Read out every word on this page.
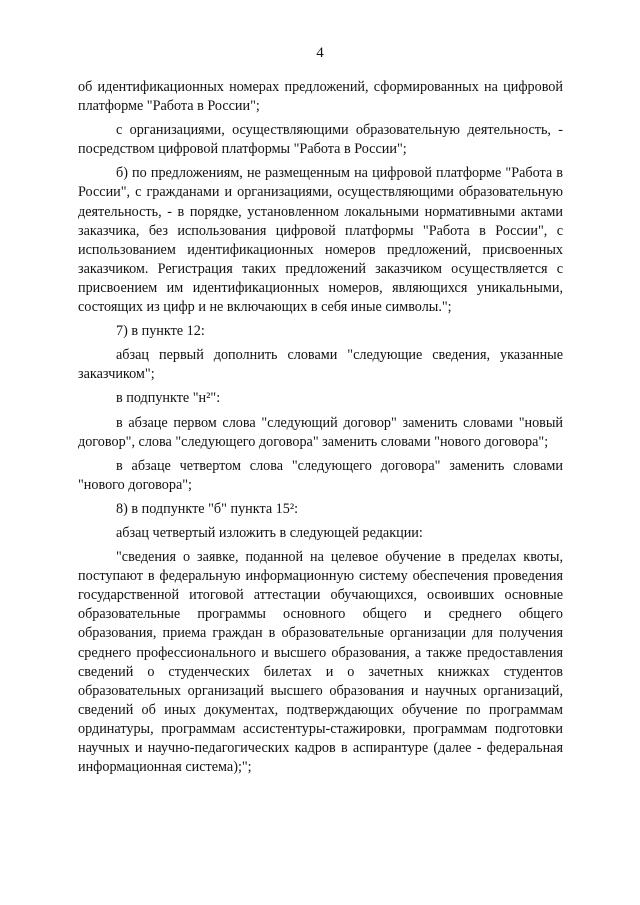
4

об идентификационных номерах предложений, сформированных на цифровой платформе "Работа в России";

с организациями, осуществляющими образовательную деятельность, - посредством цифровой платформы "Работа в России";

б) по предложениям, не размещенным на цифровой платформе "Работа в России", с гражданами и организациями, осуществляющими образовательную деятельность, - в порядке, установленном локальными нормативными актами заказчика, без использования цифровой платформы "Работа в России", с использованием идентификационных номеров предложений, присвоенных заказчиком. Регистрация таких предложений заказчиком осуществляется с присвоением им идентификационных номеров, являющихся уникальными, состоящих из цифр и не включающих в себя иные символы.";

7) в пункте 12:

абзац первый дополнить словами "следующие сведения, указанные заказчиком";

в подпункте "н²":

в абзаце первом слова "следующий договор" заменить словами "новый договор", слова "следующего договора" заменить словами "нового договора";

в абзаце четвертом слова "следующего договора" заменить словами "нового договора";

8) в подпункте "б" пункта 15²:

абзац четвертый изложить в следующей редакции:

"сведения о заявке, поданной на целевое обучение в пределах квоты, поступают в федеральную информационную систему обеспечения проведения государственной итоговой аттестации обучающихся, освоивших основные образовательные программы основного общего и среднего общего образования, приема граждан в образовательные организации для получения среднего профессионального и высшего образования, а также предоставления сведений о студенческих билетах и о зачетных книжках студентов образовательных организаций высшего образования и научных организаций, сведений об иных документах, подтверждающих обучение по программам ординатуры, программам ассистентуры-стажировки, программам подготовки научных и научно-педагогических кадров в аспирантуре (далее - федеральная информационная система);";
